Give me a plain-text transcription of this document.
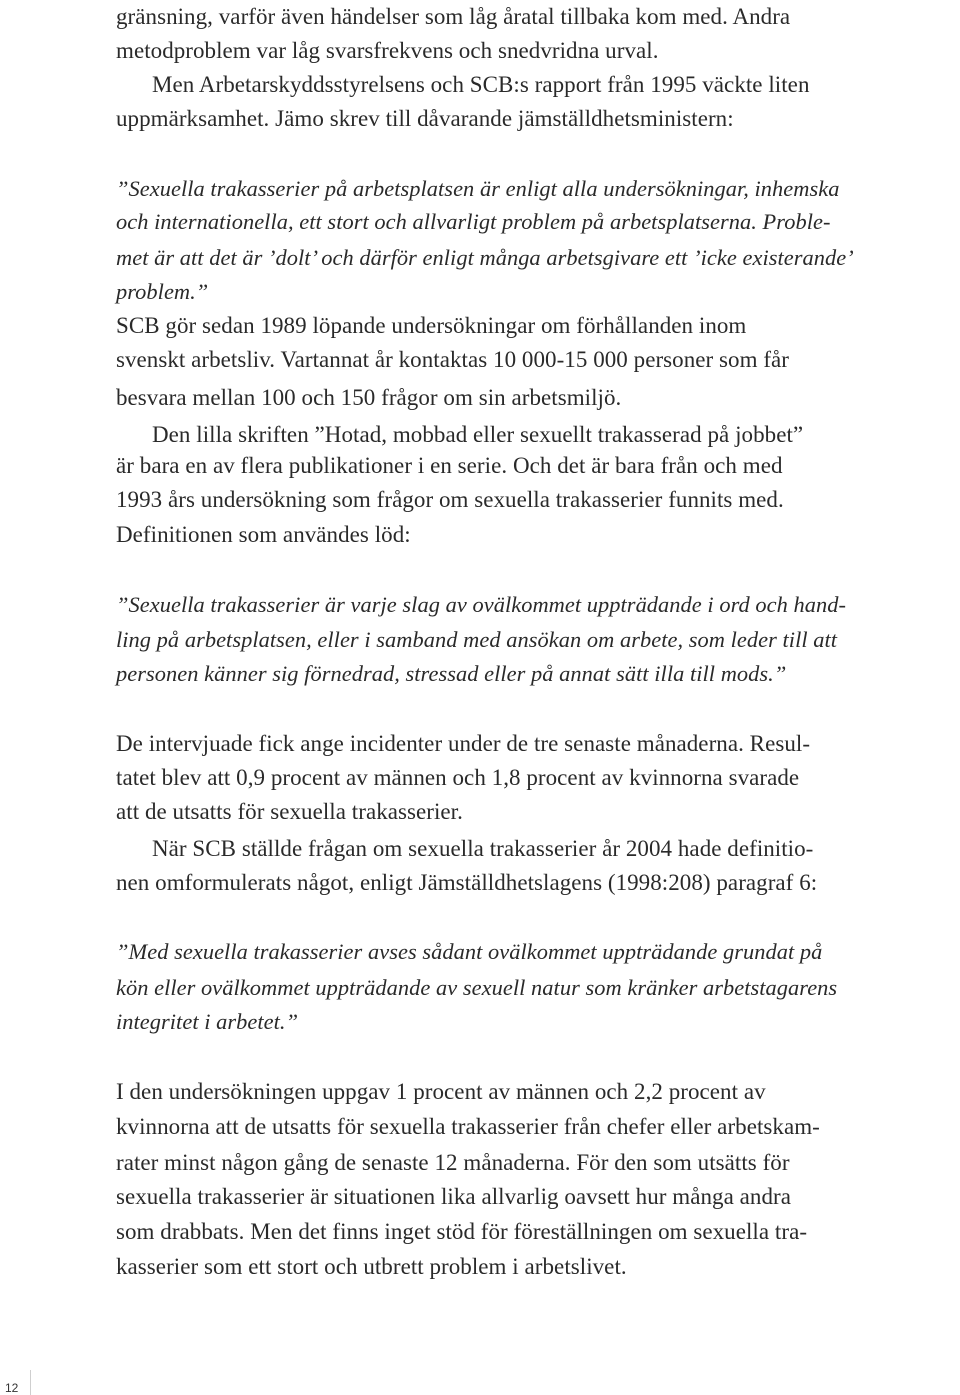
gränsning, varför även händelser som låg åratal tillbaka kom med. Andra
metodproblem var låg svarsfrekvens och snedvridna urval.
Men Arbetarskyddsstyrelsens och SCB:s rapport från 1995 väckte liten
uppmärksamhet. Jämo skrev till dåvarande jämställdhetsministern:
”Sexuella trakasserier på arbetsplatsen är enligt alla undersökningar, inhemska
och internationella, ett stort och allvarligt problem på arbetsplatserna. Proble-
met är att det är ’dolt’ och därför enligt många arbetsgivare ett ’icke existerande’
problem.”
SCB gör sedan 1989 löpande undersökningar om förhållanden inom
svenskt arbetsliv. Vartannat år kontaktas 10 000-15 000 personer som får
besvara mellan 100 och 150 frågor om sin arbetsmiljö.
Den lilla skriften ”Hotad, mobbad eller sexuellt trakasserad på jobbet”
är bara en av flera publikationer i en serie. Och det är bara från och med
1993 års undersökning som frågor om sexuella trakasserier funnits med.
Definitionen som användes löd:
”Sexuella trakasserier är varje slag av ovälkommet uppträdande i ord och hand-
ling på arbetsplatsen, eller i samband med ansökan om arbete, som leder till att
personen känner sig förnedrad, stressad eller på annat sätt illa till mods.”
De intervjuade fick ange incidenter under de tre senaste månaderna. Resul-
tatet blev att 0,9 procent av männen och 1,8 procent av kvinnorna svarade
att de utsatts för sexuella trakasserier.
När SCB ställde frågan om sexuella trakasserier år 2004 hade definitio-
nen omformulerats något, enligt Jämställdhetslagens (1998:208) paragraf 6:
”Med sexuella trakasserier avses sådant ovälkommet uppträdande grundat på
kön eller ovälkommet uppträdande av sexuell natur som kränker arbetstagarens
integritet i arbetet.”
I den undersökningen uppgav 1 procent av männen och 2,2 procent av
kvinnorna att de utsatts för sexuella trakasserier från chefer eller arbetskam-
rater minst någon gång de senaste 12 månaderna. För den som utsätts för
sexuella trakasserier är situationen lika allvarlig oavsett hur många andra
som drabbats. Men det finns inget stöd för föreställningen om sexuella tra-
kasserier som ett stort och utbrett problem i arbetslivet.
12
